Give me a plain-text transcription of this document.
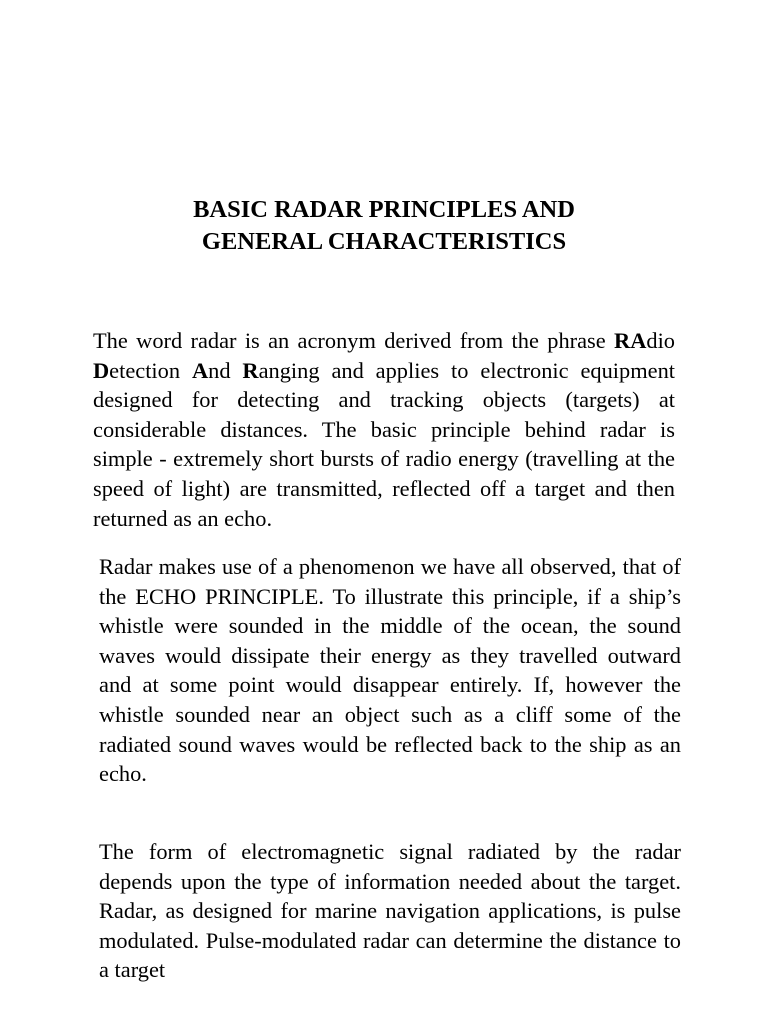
BASIC RADAR PRINCIPLES AND
GENERAL CHARACTERISTICS

The word radar is an acronym derived from the phrase RAdio Detection And Ranging and applies to electronic equipment designed for detecting and tracking objects (targets) at considerable distances. The basic principle behind radar is simple - extremely short bursts of radio energy (travelling at the speed of light) are transmitted, reflected off a target and then returned as an echo.

Radar makes use of a phenomenon we have all observed, that of the ECHO PRINCIPLE. To illustrate this principle, if a ship’s whistle were sounded in the middle of the ocean, the sound waves would dissipate their energy as they travelled outward and at some point would disappear entirely. If, however the whistle sounded near an object such as a cliff some of the radiated sound waves would be reflected back to the ship as an echo.

The form of electromagnetic signal radiated by the radar depends upon the type of information needed about the target. Radar, as designed for marine navigation applications, is pulse modulated. Pulse-modulated radar can determine the distance to a target
